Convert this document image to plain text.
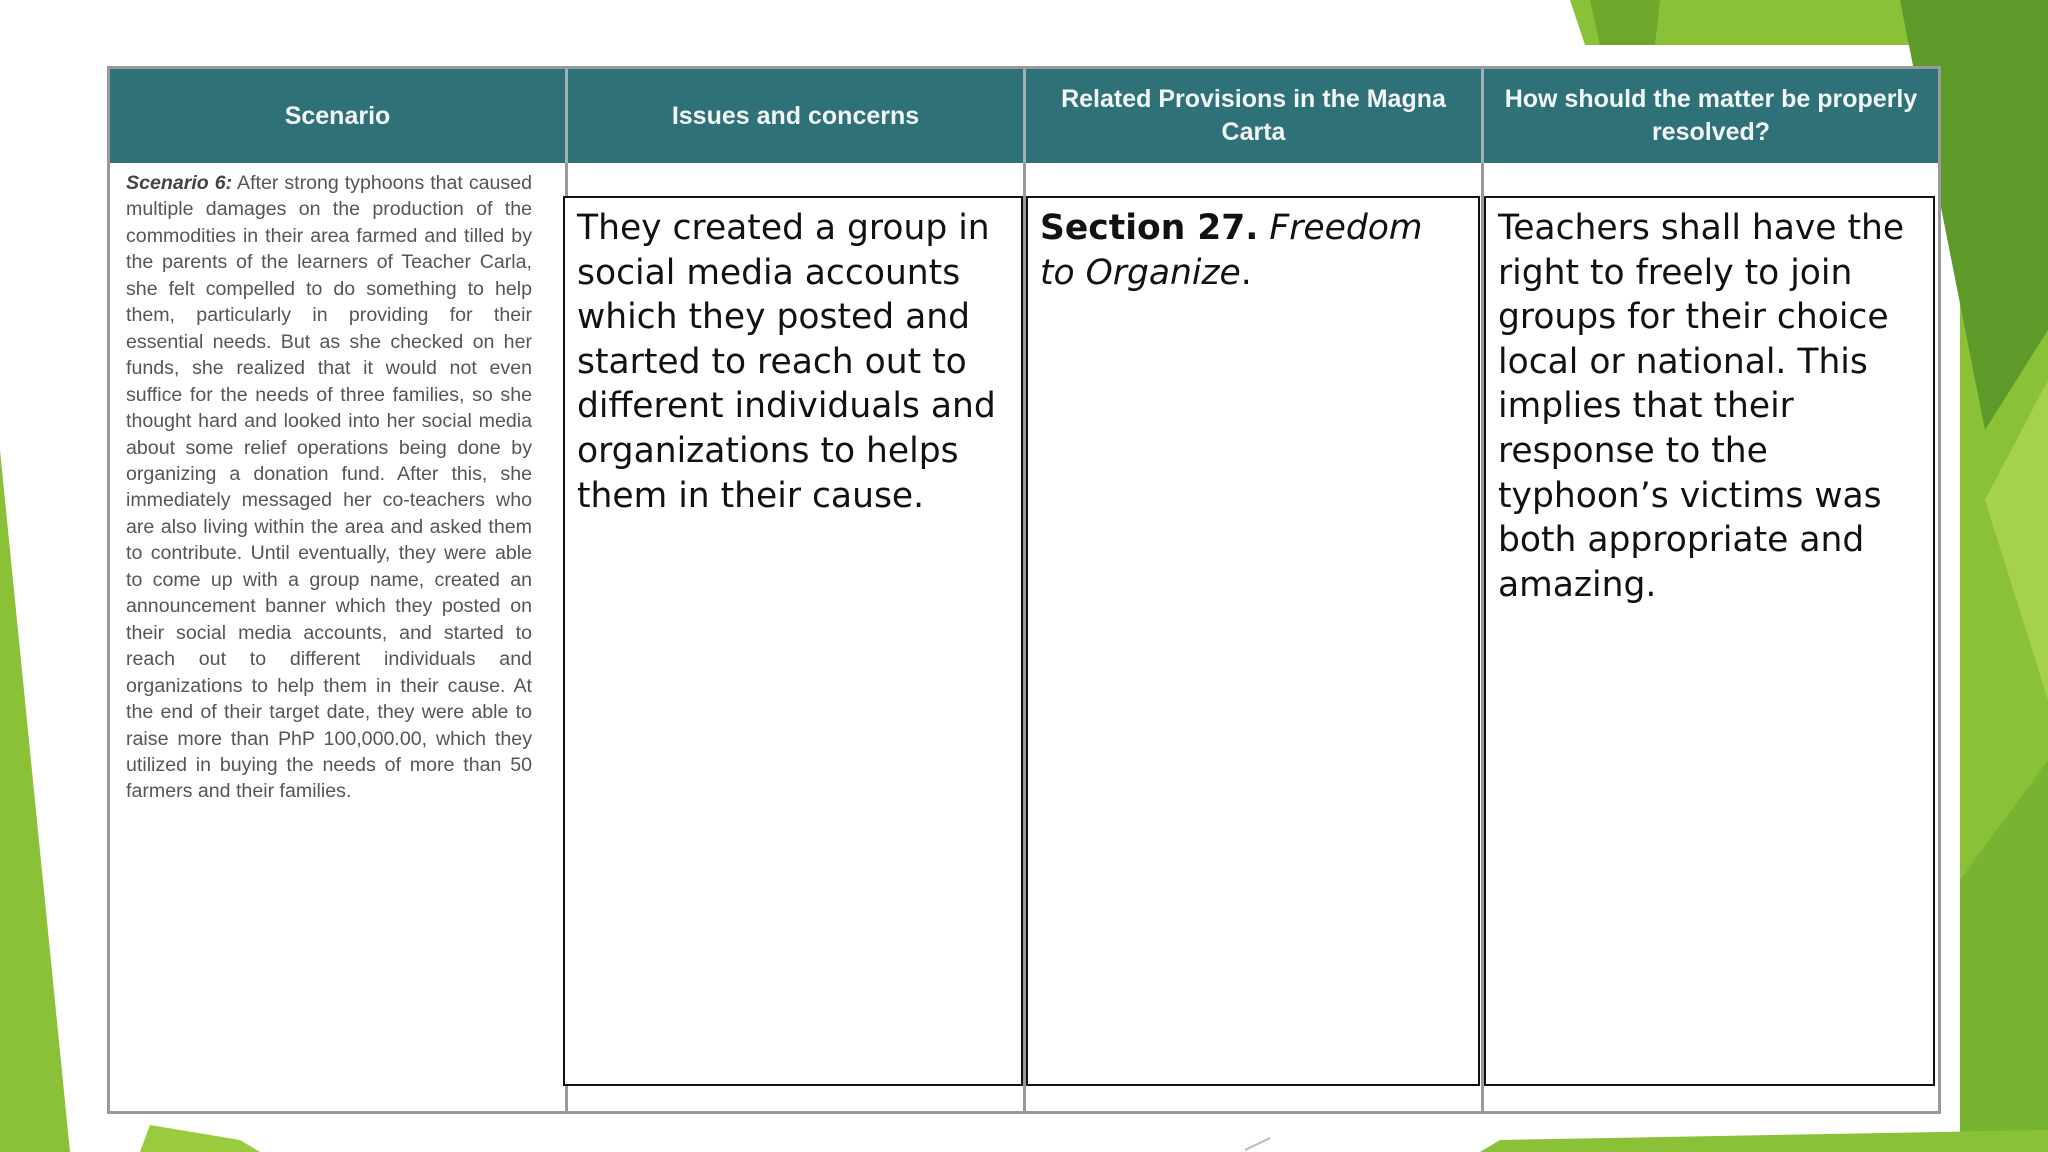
Scenario	Issues and concerns
Related Provisions in the Magna Carta
How should the matter be properly resolved?

Scenario 6: After strong typhoons that caused multiple damages on the production of the commodities in their area farmed and tilled by the parents of the learners of Teacher Carla, she felt compelled to do something to help them, particularly in providing for their essential needs. But as she checked on her funds, she realized that it would not even suffice for the needs of three families, so she thought hard and looked into her social media about some relief operations being done by organizing a donation fund. After this, she immediately messaged her co-teachers who are also living within the area and asked them to contribute. Until eventually, they were able to come up with a group name, created an announcement banner which they posted on their social media accounts, and started to reach out to different individuals and organizations to help them in their cause. At the end of their target date, they were able to raise more than PhP 100,000.00, which they utilized in buying the needs of more than 50 farmers and their families.

They created a group in social media accounts which they posted and started to reach out to different individuals and organizations to helps them in their cause.

Section 27. Freedom to Organize.

Teachers shall have the right to freely to join groups for their choice local or national. This implies that their response to the typhoon’s victims was both appropriate and amazing.
